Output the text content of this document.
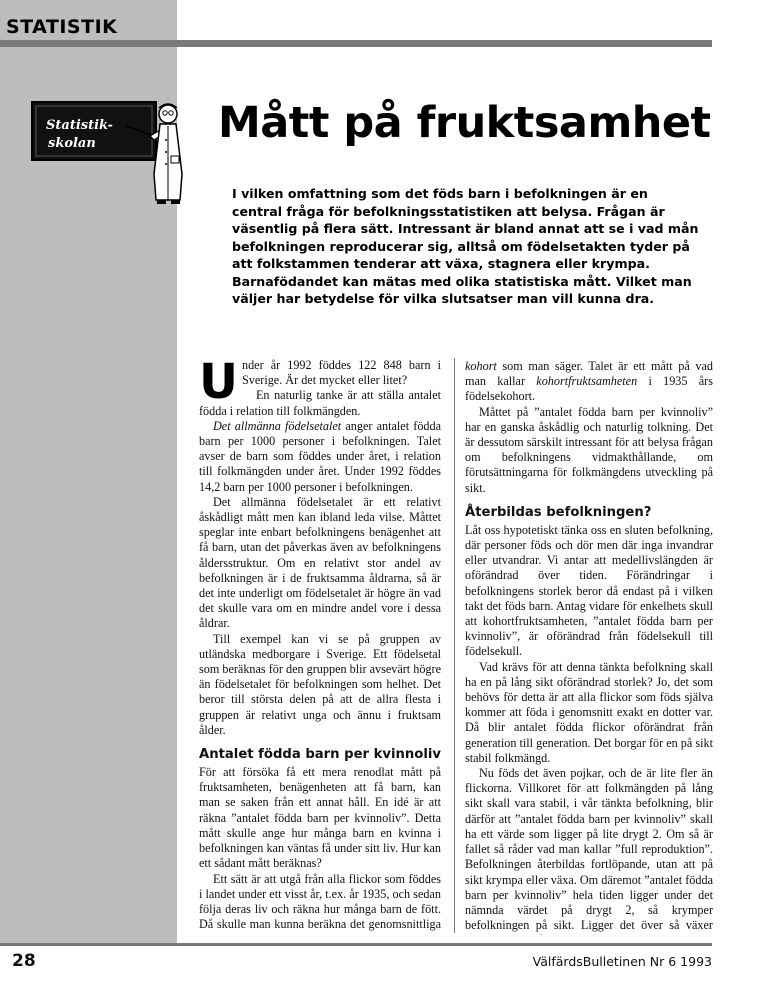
STATISTIK

Statistik-
skolan	Mått på fruktsamhet

I vilken omfattning som det föds barn i befolkningen är en central fråga för befolkningsstatistiken att belysa. Frågan är väsentlig på flera sätt. Intressant är bland annat att se i vad mån befolkningen reproducerar sig, alltså om födelsetakten tyder på att folkstammen tenderar att växa, stagnera eller krympa. Barnafödandet kan mätas med olika statistiska mått. Vilket man väljer har betydelse för vilka slutsatser man vill kunna dra.

U nder år 1992 föddes 122 848 barn i Sverige. Är det mycket eller litet?

En naturlig tanke är att ställa antalet födda i relation till folkmängden.

Det allmänna födelsetalet anger antalet födda barn per 1000 personer i befolkningen. Talet avser de barn som föddes under året, i relation till folkmängden under året. Under 1992 föddes 14,2 barn per 1000 personer i befolkningen.

Det allmänna födelsetalet är ett relativt åskådligt mått men kan ibland leda vilse. Måttet speglar inte enbart befolkningens benägenhet att få barn, utan det påverkas även av befolkningens åldersstruktur. Om en relativt stor andel av befolkningen är i de fruktsamma åldrarna, så är det inte underligt om födelsetalet är högre än vad det skulle vara om en mindre andel vore i dessa åldrar.

Till exempel kan vi se på gruppen av utländska medborgare i Sverige. Ett födelsetal som beräknas för den gruppen blir avsevärt högre än födelsetalet för befolkningen som helhet. Det beror till största delen på att de allra flesta i gruppen är relativt unga och ännu i fruktsam ålder.

Antalet födda barn per kvinnoliv

För att försöka få ett mera renodlat mått på fruktsamheten, benägenheten att få barn, kan man se saken från ett annat håll. En idé är att räkna ”antalet födda barn per kvinnoliv”. Detta mått skulle ange hur många barn en kvinna i befolkningen kan väntas få under sitt liv. Hur kan ett sådant mått beräknas?

Ett sätt är att utgå från alla flickor som föddes i landet under ett visst år, t.ex. år 1935, och sedan följa deras liv och räkna hur många barn de fött. Då skulle man kunna beräkna det genomsnittliga

kohort som man säger. Talet är ett mått på vad man kallar kohortfruktsamheten i 1935 års födelsekohort.

Måttet på ”antalet födda barn per kvinnoliv” har en ganska åskådlig och naturlig tolkning. Det är dessutom särskilt intressant för att belysa frågan om befolkningens vidmakthållande, om förutsättningarna för folkmängdens utveckling på sikt.

Återbildas befolkningen?

Låt oss hypotetiskt tänka oss en sluten befolkning, där personer föds och dör men där inga invandrar eller utvandrar. Vi antar att medellivslängden är oförändrad över tiden. Förändringar i befolkningens storlek beror då endast på i vilken takt det föds barn. Antag vidare för enkelhets skull att kohortfruktsamheten, ”antalet födda barn per kvinnoliv”, är oförändrad från födelsekull till födelsekull.

Vad krävs för att denna tänkta befolkning skall ha en på lång sikt oförändrad storlek? Jo, det som behövs för detta är att alla flickor som föds själva kommer att föda i genomsnitt exakt en dotter var. Då blir antalet födda flickor oförändrat från generation till generation. Det borgar för en på sikt stabil folkmängd.

Nu föds det även pojkar, och de är lite fler än flickorna. Villkoret för att folkmängden på lång sikt skall vara stabil, i vår tänkta befolkning, blir därför att ”antalet födda barn per kvinnoliv” skall ha ett värde som ligger på lite drygt 2. Om så är fallet så råder vad man kallar ”full reproduktion”. Befolkningen återbildas fortlöpande, utan att på sikt krympa eller växa. Om däremot ”antalet födda barn per kvinnoliv” hela tiden ligger under det nämnda värdet på drygt 2, så krymper befolkningen på sikt. Ligger det över så växer

28	VälfärdsBulletinen Nr 6 1993
